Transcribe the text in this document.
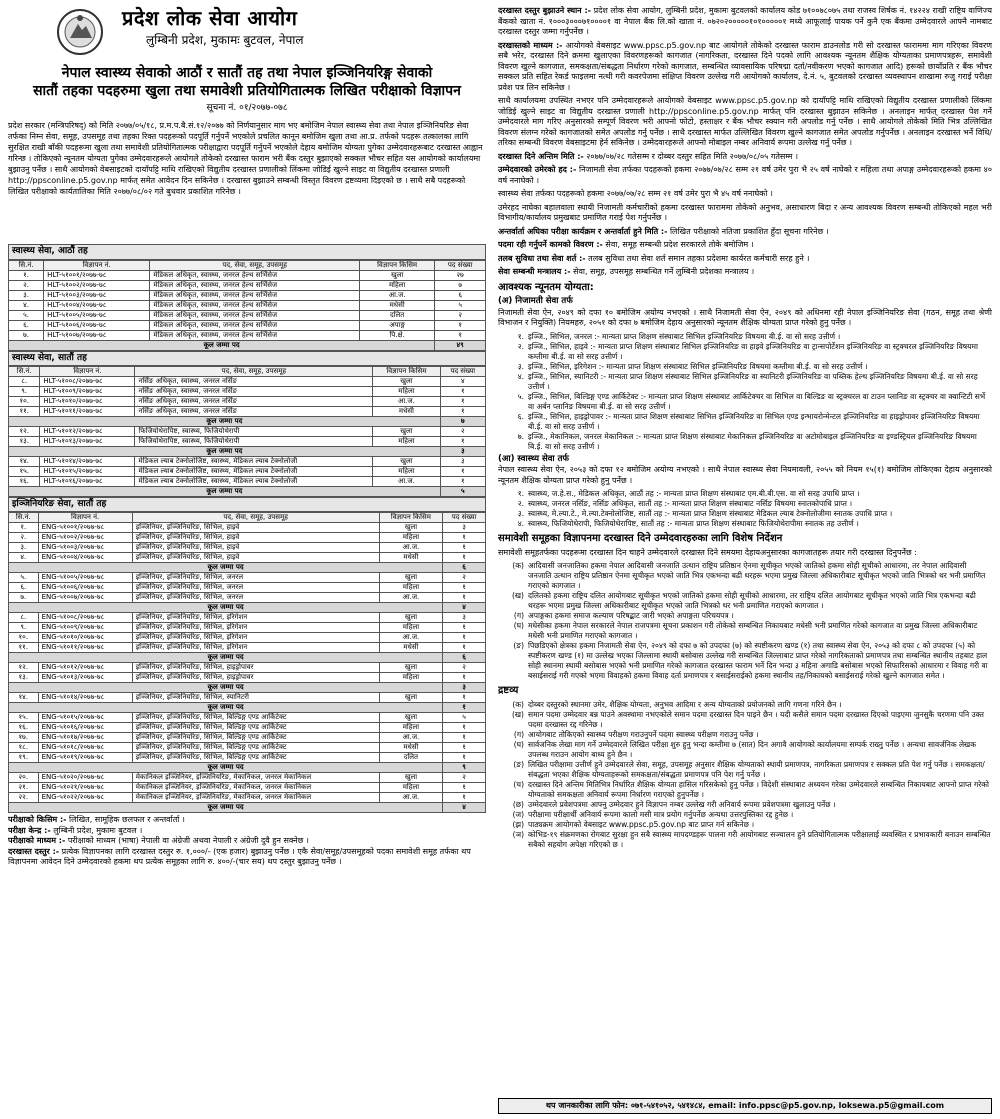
प्रदेश लोक सेवा आयोग
लुम्बिनी प्रदेश, मुकामः बुटवल, नेपाल
नेपाल स्वास्थ्य सेवाको आठौं र सातौं तह तथा नेपाल इञ्जिनियरिङ्ग सेवाको
सातौं तहका पदहरुमा खुला तथा समावेशी प्रतियोगितात्मक लिखित परीक्षाको विज्ञापन
सूचना नं. ०१/२०७७-०७८
प्रदेश सरकार (मन्त्रिपरिषद्) को मिति २०७७/०५/१८, प्र.म.प.बै.सं.१२/२०७७ को निर्णयानुसार माग भए बमोजिम नेपाल स्वास्थ्य सेवा तथा नेपाल इञ्जिनियरिङ सेवा तर्फका निम्न सेवा, समूह, उपसमूह तथा तहका रिक्त पदहरूको पदपूर्ति गर्नुपर्ने भएकोले प्रचलित कानून बमोजिम खुला तथा आ.प्र. तर्फको पदहरू तत्कालका लागि सुरक्षित राखी बाँकी पदहरूमा खुला तथा समावेशी प्रतियोगितात्मक परीक्षाद्वारा पदपूर्ति गर्नुपर्ने भएकोले देहाय बमोजिम योग्यता पुगेका उम्मेदवारहरूबाट दरखास्त आह्वान गरिन्छ । तोकिएको न्यूनतम योग्यता पुगेका उम्मेदवारहरूले आयोगले तोकेको दरखास्त फाराम भरी बैंक दस्तुर बुझाएको सक्कल भौचर सहित यस आयोगको कार्यालयमा बुझाउनु पर्नेछ । साथै आयोगको वेबसाइटको दायाँपट्टि माथि राखिएको विद्युतीय दरखास्त प्रणालीको लिंकमा जोडिई खुल्ने साइट वा विद्युतीय दरखास्त प्रणाली http://ppsconline.p5.gov.np मार्फत् समेत आवेदन दिन सकिनेछ । दरखास्त बुझाउने सम्बन्धी विस्तृत विवरण द्रष्टव्यमा दिइएको छ । साथै सबै पदहरूको लिखित परीक्षाको कार्यतालिका मिति २०७७/०८/०२ गते बुधवार प्रकाशित गरिनेछ ।
स्वास्थ्य सेवा, आठौं तह
सि.नं.	विज्ञापन नं.	पद, सेवा, समूह, उपसमूह	विज्ञापन किसिम	पद संख्या
१.	HLT-५१००१/२०७७-७८	मेडिकल अधिकृत, स्वास्थ्य, जनरल हेल्थ सर्भिसेज	खुला	२७
२.	HLT-५१००२/२०७७-७८	मेडिकल अधिकृत, स्वास्थ्य, जनरल हेल्थ सर्भिसेज	महिला	७
३.	HLT-५१००३/२०७७-७८	मेडिकल अधिकृत, स्वास्थ्य, जनरल हेल्थ सर्भिसेज	आ.ज.	६
४.	HLT-५१००४/२०७७-७८	मेडिकल अधिकृत, स्वास्थ्य, जनरल हेल्थ सर्भिसेज	मधेसी	५
५.	HLT-५१००५/२०७७-७८	मेडिकल अधिकृत, स्वास्थ्य, जनरल हेल्थ सर्भिसेज	दलित	२
६.	HLT-५१००६/२०७७-७८	मेडिकल अधिकृत, स्वास्थ्य, जनरल हेल्थ सर्भिसेज	अपाङ्ग	१
७.	HLT-५१००७/२०७७-७८	मेडिकल अधिकृत, स्वास्थ्य, जनरल हेल्थ सर्भिसेज	पि.क्षे.	१
कूल जम्मा पद				४९
स्वास्थ्य सेवा, सातौं तह
सि.नं.	विज्ञापन नं.	पद, सेवा, समूह, उपसमूह	विज्ञापन किसिम	पद संख्या
८.	HLT-५१००८/२०७७-७८	नर्सिङ अधिकृत, स्वास्थ्य, जनरल नर्सिङ	खुला	४
९.	HLT-५१००९/२०७७-७८	नर्सिङ अधिकृत, स्वास्थ्य, जनरल नर्सिङ	महिला	१
१०.	HLT-५१०१०/२०७७-७८	नर्सिङ अधिकृत, स्वास्थ्य, जनरल नर्सिङ	आ.ज.	१
११.	HLT-५१०११/२०७७-७८	नर्सिङ अधिकृत, स्वास्थ्य, जनरल नर्सिङ	मधेसी	१
कूल जम्मा पद				७
१२.	HLT-५१०१२/२०७७-७८	फिजियोथेरापिष्ट, स्वास्थ्य, फिजियोथेरापी	खुला	२
१३.	HLT-५१०१३/२०७७-७८	फिजियोथेरापिष्ट, स्वास्थ्य, फिजियोथेरापी	महिला	१
कूल जम्मा पद				३
१४.	HLT-५१०१४/२०७७-७८	मेडिकल ल्याब टेक्नोलोजिष्ट, स्वास्थ्य, मेडिकल ल्याब टेक्नोलोजी	खुला	३
१५.	HLT-५१०१५/२०७७-७८	मेडिकल ल्याब टेक्नोलोजिष्ट, स्वास्थ्य, मेडिकल ल्याब टेक्नोलोजी	महिला	१
१६.	HLT-५१०१६/२०७७-७८	मेडिकल ल्याब टेक्नोलोजिष्ट, स्वास्थ्य, मेडिकल ल्याब टेक्नोलोजी	आ.ज.	१
कूल जम्मा पद				५
इञ्जिनियरिङ सेवा, सातौं तह
सि.नं.	विज्ञापन नं.	पद, सेवा, समूह, उपसमूह	विज्ञापन किसिम	पद संख्या
१.	ENG-५१००१/२०७७-७८	इञ्जिनियर, इञ्जिनियरिङ, सिभिल, हाइवे	खुला	३
२.	ENG-५१००२/२०७७-७८	इञ्जिनियर, इञ्जिनियरिङ, सिभिल, हाइवे	महिला	१
३.	ENG-५१००३/२०७७-७८	इञ्जिनियर, इञ्जिनियरिङ, सिभिल, हाइवे	आ.ज.	१
४.	ENG-५१००४/२०७७-७८	इञ्जिनियर, इञ्जिनियरिङ, सिभिल, हाइवे	मधेसी	१
कूल जम्मा पद				६
५.	ENG-५१००५/२०७७-७८	इञ्जिनियर, इञ्जिनियरिङ, सिभिल, जनरल	खुला	२
६.	ENG-५१००६/२०७७-७८	इञ्जिनियर, इञ्जिनियरिङ, सिभिल, जनरल	महिला	१
७.	ENG-५१००७/२०७७-७८	इञ्जिनियर, इञ्जिनियरिङ, सिभिल, जनरल	आ.ज.	१
कूल जम्मा पद				४
८.	ENG-५१००८/२०७७-७८	इञ्जिनियर, इञ्जिनियरिङ, सिभिल, इरिगेशन	खुला	३
९.	ENG-५१००९/२०७७-७८	इञ्जिनियर, इञ्जिनियरिङ, सिभिल, इरिगेशन	महिला	१
१०.	ENG-५१०१०/२०७७-७८	इञ्जिनियर, इञ्जिनियरिङ, सिभिल, इरिगेशन	आ.ज.	१
११.	ENG-५१०११/२०७७-७८	इञ्जिनियर, इञ्जिनियरिङ, सिभिल, इरिगेशन	मधेसी	१
कूल जम्मा पद				६
१२.	ENG-५१०१२/२०७७-७८	इञ्जिनियर, इञ्जिनियरिङ, सिभिल, हाइड्रोपावर	खुला	२
१३.	ENG-५१०१३/२०७७-७८	इञ्जिनियर, इञ्जिनियरिङ, सिभिल, हाइड्रोपावर	महिला	१
कूल जम्मा पद				३
१४.	ENG-५१०१४/२०७७-७८	इञ्जिनियर, इञ्जिनियरिङ, सिभिल, स्यानिटरी	खुला	१
कूल जम्मा पद				१
१५.	ENG-५१०१५/२०७७-७८	इञ्जिनियर, इञ्जिनियरिङ, सिभिल, बिल्डिङ्ग एण्ड आर्किटेक्ट	खुला	५
१६.	ENG-५१०१६/२०७७-७८	इञ्जिनियर, इञ्जिनियरिङ, सिभिल, बिल्डिङ्ग एण्ड आर्किटेक्ट	महिला	१
१७.	ENG-५१०१७/२०७७-७८	इञ्जिनियर, इञ्जिनियरिङ, सिभिल, बिल्डिङ्ग एण्ड आर्किटेक्ट	आ.ज.	१
१८.	ENG-५१०१८/२०७७-७८	इञ्जिनियर, इञ्जिनियरिङ, सिभिल, बिल्डिङ्ग एण्ड आर्किटेक्ट	मधेसी	१
१९.	ENG-५१०१९/२०७७-७८	इञ्जिनियर, इञ्जिनियरिङ, सिभिल, बिल्डिङ्ग एण्ड आर्किटेक्ट	दलित	१
कूल जम्मा पद				९
२०.	ENG-५१०२०/२०७७-७८	मेकानिकल इञ्जिनियर, इञ्जिनियरिङ, मेकानिकल, जनरल मेकानिकल	खुला	२
२१.	ENG-५१०२१/२०७७-७८	मेकानिकल इञ्जिनियर, इञ्जिनियरिङ, मेकानिकल, जनरल मेकानिकल	महिला	१
२२.	ENG-५१०२२/२०७७-७८	मेकानिकल इञ्जिनियर, इञ्जिनियरिङ, मेकानिकल, जनरल मेकानिकल	आ.ज.	१
कूल जम्मा पद				४
परीक्षाको किसिम :- लिखित, सामूहिक छलफल र अन्तर्वार्ता ।
परीक्षा केन्द्र :- लुम्बिनी प्रदेश, मुकामः बुटवल ।
परीक्षाको माध्यम :- परीक्षाको माध्यम (भाषा) नेपाली वा अंग्रेजी अथवा नेपाली र अंग्रेजी दुवै हुन सक्नेछ ।
दरखास्त दस्तुर :- प्रत्येक विज्ञापनका लागि दरखास्त दस्तुर रु. १,०००/- (एक हजार) बुझाउनु पर्नेछ । एकै सेवा/समूह/उपसमूहको पदका समावेशी समूह तर्फका थप विज्ञापनमा आवेदन दिने उम्मेदवारको हकमा थप प्रत्येक समूहका लागि रु. ४००/-(चार सय) थप दस्तुर बुझाउनु पर्नेछ ।

दरखास्त दस्तुर बुझाउने स्थान :- प्रदेश लोक सेवा आयोग, लुम्बिनी प्रदेश, मुकामः बुटवलको कार्यालय कोड ७१००७८०७५ तथा राजस्व शिर्षक नं. १४२२४ राखी राष्ट्रिय वाणिज्य बैंकको खाता नं. १०००३०००७१००००१ वा नेपाल बैंक लि.को खाता नं. ०७२०२०००००१०१०००००१ मध्ये आफूलाई पायक पर्ने कुनै एक बैंकमा उम्मेदवारले आफ्नै नामबाट दरखास्त दस्तुर जम्मा गर्नुपर्नेछ ।

दरखास्तको माध्यम :- आयोगको वेबसाइट www.ppsc.p5.gov.np बाट आयोगले तोकेको दरखास्त फाराम डाउनलोड गरी सो दरखास्त फाराममा माग गरिएका विवरण सबै भरेर, दरखास्त दिने क्रममा खुलाएका विवरणहरूको कागजात (नागरिकता, दरखास्त दिने पदको लागि आवश्यक न्यूनतम शैक्षिक योग्यताका प्रमाणपत्रहरू, समावेशी विवरण खुल्ने कागजात, समकक्षता/संबद्धता निर्धारण गरेको कागजात, सम्बन्धित व्यावसायिक परिषद्मा दर्ता/नवीकरण भएको कागजात आदि) हरूको छायाँप्रति र बैंक भौचर सक्कल प्रति सहित रेकर्ड फाइलमा नत्थी गरी कवरपेजमा संक्षिप्त विवरण उल्लेख गरी आयोगको कार्यालय, दे.नं. ५, बुटवलको दरखास्त व्यवस्थापन शाखामा रुजु गराई परीक्षा प्रवेश पत्र लिन सकिनेछ ।

साथै कार्यालयमा उपस्थित नभएर पनि उम्मेदवारहरूले आयोगको वेबसाइट www.ppsc.p5.gov.np को दायाँपट्टि माथि राखिएको विद्युतीय दरखास्त प्रणालीको लिंकमा जोडिई खुल्ने साइट वा विद्युतीय दरखास्त प्रणाली http://ppsconline.p5.gov.np मार्फत् पनि दरखास्त बुझाउन सकिनेछ । अनलाइन मार्फत् दरखास्त पेश गर्ने उम्मेदवारले माग गरिए अनुसारको सम्पूर्ण विवरण भरी आफ्नो फोटो, हस्ताक्षर र बैंक भौचर स्क्यान गरी अपलोड गर्नु पर्नेछ । साथै आयोगले तोकेको मिति भित्र उल्लिखित विवरण संलग्न गरेको कागजातको समेत अपलोड गर्नु पर्नेछ । साथै दरखास्त मार्फत उल्लिखित विवरण खुल्ने कागजात समेत अपलोड गर्नुपर्नेछ । अनलाइन दरखास्त भर्ने विधि/तरिका सम्बन्धी विवरण वेबसाइटमा हेर्न सकिनेछ । उम्मेदवारहरूले आफ्नो मोबाइल नम्बर अनिवार्य रूपमा उल्लेख गर्नु पर्नेछ ।

दरखास्त दिने अन्तिम मिति :- २०७७/०७/२८ गतेसम्म र दोब्बर दस्तुर सहित मिति २०७७/०८/०५ गतेसम्म ।

उम्मेदवारको उमेरको हद :- निजामती सेवा तर्फका पदहरूको हकमा २०७७/०७/२८ सम्म २१ वर्ष उमेर पुरा भै २५ वर्ष नाघेको र महिला तथा अपाङ्ग उम्मेदवारहरूको हकमा ४० वर्ष ननाघेको ।

स्वास्थ्य सेवा तर्फका पदहरूको हकमा २०७७/०७/२८ सम्म २१ वर्ष उमेर पुरा भै ४५ वर्ष ननाघेको ।

उमेरहद नाघेका बहालवाला स्थायी निजामती कर्मचारीको हकमा दरखास्त फाराममा तोकेको अनुभव, असाधारण बिदा र अन्य आवश्यक विवरण सम्बन्धी तोकिएको महल भरी विभागीय/कार्यालय प्रमुखबाट प्रमाणित गराई पेश गर्नुपर्नेछ ।

अन्तर्वार्ता अघिका परीक्षा कार्यक्रम र अन्तर्वार्ता हुने मिति :- लिखित परीक्षाको नतिजा प्रकाशित हुँदा सूचना गरिनेछ ।

पदमा रही गर्नुपर्ने कामको विवरण :- सेवा, समूह सम्बन्धी प्रदेश सरकारले तोके बमोजिम ।

तलब सुविधा तथा सेवा शर्त :- तलब सुविधा तथा सेवा शर्त समान तहका प्रदेशमा कार्यरत कर्मचारी सरह हुने ।

सेवा सम्बन्धी मन्त्रालय :- सेवा, समूह, उपसमूह सम्बन्धित गर्ने लुम्बिनी प्रदेशका मन्त्रालय ।

आवश्यक न्यूनतम योग्यता:
(अ) निजामती सेवा तर्फ

निजामती सेवा ऐन, २०४९ को दफा १० बमोजिम अयोग्य नभएको । साथै निजामती सेवा ऐन, २०४९ को अधिनमा रही नेपाल इञ्जिनियरिङ सेवा (गठन, समूह तथा श्रेणी विभाजन र नियुक्ति) नियमहरु, २०५१ को दफा ७ बमोजिम देहाय अनुसारको न्यूनतम शैक्षिक योग्यता प्राप्त गरेको हुनु पर्नेछ ।

१. इञ्जि., सिभिल, जनरल :- मान्यता प्राप्त शिक्षण संस्थाबाट सिभिल इञ्जिनियरिङ विषयमा बी.ई. वा सो सरह उत्तीर्ण ।
२. इञ्जि., सिभिल, हाइवे :- मान्यता प्राप्त शिक्षण संस्थाबाट सिभिल इञ्जिनियरिङ वा हाइवे इञ्जिनियरिङ वा ट्रान्सपोर्टेशन इञ्जिनियरिङ वा स्ट्रक्चरल इञ्जिनियरिङ विषयमा कम्तीमा बी.ई. वा सो सरह उत्तीर्ण ।
३. इञ्जि., सिभिल, इरिगेशन :- मान्यता प्राप्त शिक्षण संस्थाबाट सिभिल इञ्जिनियरिङ विषयमा कम्तीमा बी.ई. वा सो सरह उत्तीर्ण ।
४. इञ्जि., सिभिल, स्यानिटरी :- मान्यता प्राप्त शिक्षण संस्थाबाट सिभिल इञ्जिनियरिङ वा स्यानिटरी इञ्जिनियरिङ वा पब्लिक हेल्थ इञ्जिनियरिङ विषयमा बी.ई. वा सो सरह उत्तीर्ण ।
५. इञ्जि., सिभिल, बिल्डिङ्ग एण्ड आर्किटेक्ट :- मान्यता प्राप्त शिक्षण संस्थाबाट आर्किटेक्चर वा सिभिल वा बिल्डिङ वा स्ट्रक्चरल वा टाउन प्लानिङ वा स्ट्रक्चर वा क्वान्टिटी सर्भे वा अर्बन प्लानिङ विषयमा बी.ई. वा सो सरह उत्तीर्ण ।
६. इञ्जि., सिभिल, हाइड्रोपावर :- मान्यता प्राप्त शिक्षण संस्थाबाट सिभिल इञ्जिनियरिङ वा सिभिल एण्ड इन्भायरोन्मेन्टल इञ्जिनियरिङ वा हाइड्रोपावर इञ्जिनियरिङ विषयमा बी.ई. वा सो सरह उत्तीर्ण ।
७. इञ्जि., मेकानिकल, जनरल मेकानिकल :- मान्यता प्राप्त शिक्षण संस्थाबाट मेकानिकल इञ्जिनियरिङ वा अटोमोबाइल इञ्जिनियरिङ वा इण्डस्ट्रियल इञ्जिनियरिङ विषयमा बि.ई. वा सो सरह उत्तीर्ण ।
(आ) स्वास्थ्य सेवा तर्फ

नेपाल स्वास्थ्य सेवा ऐन, २०५३ को दफा १२ बमोजिम अयोग्य नभएको । साथै नेपाल स्वास्थ्य सेवा नियमावली, २०५५ को नियम १५(१) बमोजिम तोकिएका देहाय अनुसारको न्यूनतम शैक्षिक योग्यता प्राप्त गरेको हुनु पर्नेछ ।

१. स्वास्थ्य, ज.हे.स., मेडिकल अधिकृत, आठौं तह :- मान्यता प्राप्त शिक्षण संस्थाबाट एम.बी.बी.एस. वा सो सरह उपाधि प्राप्त ।
२. स्वास्थ्य, जनरल नर्सिङ, नर्सिङ अधिकृत, सातौं तह :- मान्यता प्राप्त शिक्षण संस्थाबाट नर्सिङ विषयमा स्नातकोपाधि प्राप्त ।
३. स्वास्थ्य, मे.ल्या.टे., मे.ल्या.टेक्नोलोजिष्ट, सातौं तह :- मान्यता प्राप्त शिक्षण संस्थाबाट मेडिकल ल्याब टेक्नोलोजीमा स्नातक उपाधि प्राप्त ।
४. स्वास्थ्य, फिजियोथेरापी, फिजियोथेरापिष्ट, सातौं तह :- मान्यता प्राप्त शिक्षण संस्थाबाट फिजियोथेरापीमा स्नातक तह उत्तीर्ण ।
समावेशी समूहका विज्ञापनमा दरखास्त दिने उम्मेदवारहरुका लागि विशेष निर्देशन

समावेशी समूहतर्फका पदहरूमा दरखास्त दिन चाहने उम्मेदवारले दरखास्त दिने समयमा देहायअनुसारका कागजातहरू तयार गरी दरखास्त दिनुपर्नेछ :

(क) आदिवासी जनजातिका हकमा नेपाल आदिवासी जनजाति उत्थान राष्ट्रिय प्रतिष्ठान ऐनमा सूचीकृत भएको जातिको हकमा सोही सूचीको आधारमा, तर नेपाल आदिवासी जनजाति उत्थान राष्ट्रिय प्रतिष्ठान ऐनमा सूचीकृत भएको जाति भित्र एकभन्दा बढी थरहरू भएमा प्रमुख जिल्ला अधिकारीबाट सूचीकृत भएको जाति भित्रको थर भनी प्रमाणित गराएको कागजात ।
(ख) दलितको हकमा राष्ट्रिय दलित आयोगबाट सूचीकृत भएको जातिको हकमा सोही सूचीको आधारमा, तर राष्ट्रिय दलित आयोगबाट सूचीकृत भएको जाति भित्र एकभन्दा बढी थरहरू भएमा प्रमुख जिल्ला अधिकारीबाट सूचीकृत भएको जाति भित्रको थर भनी प्रमाणित गराएको कागजात ।
(ग) अपाङ्गका हकमा समाज कल्याण परिषद्बाट जारी भएको अपाङ्गता परिचयपत्र ।
(घ) मधेसीका हकमा नेपाल सरकारले नेपाल राजपत्रमा सूचना प्रकाशन गरी तोकेको सम्बन्धित निकायबाट मधेसी भनी प्रमाणित गरेको कागजात वा प्रमुख जिल्ला अधिकारीबाट मधेसी भनी प्रमाणित गराएको कागजात ।
(ङ) पिछडिएको क्षेत्रका हकमा निजामती सेवा ऐन, २०४९ को दफा ७ को उपदफा (७) को स्पष्टीकरण खण्ड (१) तथा स्वास्थ्य सेवा ऐन, २०५३ को दफा ८ को उपदफा (५) को स्पष्टीकरण खण्ड (१) मा उल्लेख भएका जिल्लामा स्थायी बसोबास उल्लेख गरी सम्बन्धित जिल्लाबाट प्राप्त गरेको नागरिकताको प्रमाणपत्र तथा सम्बन्धित स्थानीय तहबाट हाल सोही स्थानमा स्थायी बसोबास भएको भनी प्रमाणित गरेको कागजात दरखास्त फाराम भर्ने दिन भन्दा ३ महिना अगाडि बसोबास भएको सिफारिसको आधारमा र विवाह गरी वा बसाईसराई गरी गएको भएमा विवाहको हकमा विवाह दर्ता प्रमाणपत्र र बसाईसराईको हकमा स्थानीय तह/निकायको बसाईसराई गरेको खुल्ने कागजात समेत ।
द्रष्टव्य
(क) दोब्बर दस्तुरको स्थानमा उमेर, शैक्षिक योग्यता, अनुभव आदिमा र अन्य योग्यताको प्रयोजनको लागि गणना गरिने छैन ।
(ख) समान पदमा उम्मेदवार बन्न पाउने अवस्थामा नभएकोले समान पदमा दरखास्त दिन पाइने छैन । यदी कसैले समान पदमा दरखास्त दिएको पाइएमा जुनसुकै चरणमा पनि उक्त पदमा दरखास्त रद्द गरिनेछ ।
(ग) आयोगबाट तोकिएको स्वास्थ्य परीक्षण गराउनुपर्ने पदमा स्वास्थ्य परीक्षण गराउनु पर्नेछ ।
(घ) सार्वजनिक लेखा माग गर्ने उम्मेदवारले लिखित परीक्षा शुरु हुनु भन्दा कम्तीमा ७ (सात) दिन अगावै आयोगको कार्यालयमा सम्पर्क राख्नु पर्नेछ । अन्यथा सावर्जनिक लेखक उपलब्ध गराउन आयोग बाध्य हुने छैन ।
(ङ) लिखित परीक्षामा उत्तीर्ण हुने उम्मेदवारले सेवा, समूह, उपसमूह अनुसार शैक्षिक योग्यताको स्थायी प्रमाणपत्र, नागरिकता प्रमाणपत्र र सक्कल प्रति पेश गर्नु पर्नेछ । समकक्षता/संबद्धता भएका शैक्षिक योग्यताहरूको समकक्षता/संबद्धता प्रमाणपत्र पनि पेश गर्नु पर्नेछ ।
(च) दरखास्त दिने अन्तिम मितिभित्र निर्धारित शैक्षिक योग्यता हासिल गरिसकेको हुनु पर्नेछ । विदेशी संस्थाबाट अध्ययन गरेका उम्मेदवारले सम्बन्धित निकायबाट आफ्नो प्राप्त गरेको योग्यताको समकक्षता अनिवार्य रूपमा निर्धारण गराएको हुनुपर्नेछ ।
(छ) उम्मेदवारले प्रवेशपत्रमा आफ्नु उम्मेदवार हुने विज्ञापन नम्बर उल्लेख गरी अनिवार्य रूपमा प्रवेशपत्रमा खुलाउनु पर्नेछ ।
(ज) परीक्षामा परीक्षार्थी अनिवार्य रूपमा कालो मसी मात्र प्रयोग गर्नुपर्नेछ अन्यथा उत्तरपुस्तिका रद्द हुनेछ ।
(झ) पाठ्यक्रम आयोगको वेबसाइट www.ppsc.p5.gov.np बाट प्राप्त गर्न सकिनेछ ।
(ञ) कोभिड-१९ संक्रमणका रोगबाट सुरक्षा हुन सबै स्वास्थ्य मापदण्डहरू पालना गरी आयोगबाट सञ्चालन हुने प्रतियोगितात्मक परीक्षालाई व्यवस्थित र प्रभावकारी बनाउन सम्बन्धित सबैको सहयोग अपेक्षा गरिएको छ ।
थप जानकारीका लागि फोन: ०७१-५४१०५२, ५४१४८४, email: info.ppsc@p5.gov.np, loksewa.p5@gmail.com
